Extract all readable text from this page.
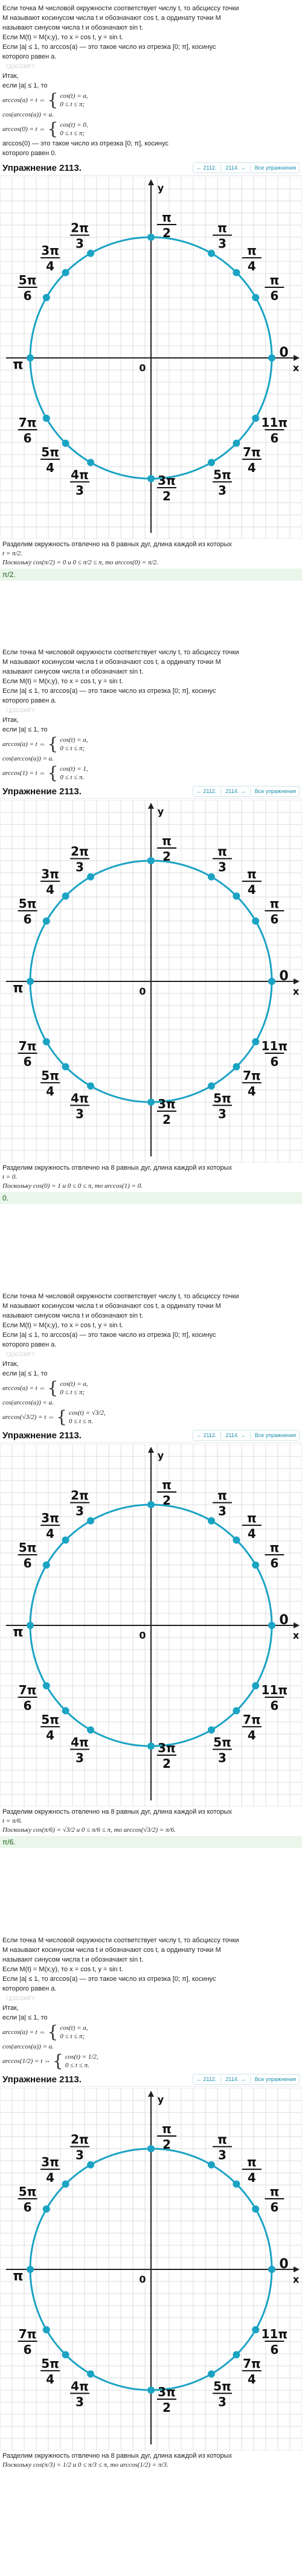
Если точка M числовой окружности соответствует числу t, то абсциссу точки
M называют косинусом числа t и обозначают cos t, а ординату точки M
называют синусом числа t и обозначают sin t.
Если M(t) = M(x;y), то x = cos t, y = sin t.
Если |a| ≤ 1, то arccos(a) — это такое число из отрезка [0; π], косинус
которого равен a.
ГДЗCOMFY
Итак,
если |a| ≤ 1, то
arccos(a) = t ⇔ { cos(t) = a,
0 ≤ t ≤ π;
cos(arccos(a)) = a.
arccos(0) = t ⇔ { cos(t) = 0,
0 ≤ t ≤ π;
arccos(0) — это такое число из отрезка [0; π], косинус
которого равен 0.
Упражнение 2113.	← 2112.	2114. →	Все упражнения
x
y
0
0
π
6
π
4
π
3
π
2
2π
3
3π
4
5π
6
π
7π
6
5π
4 4π
3
3π
2
5π
3
7π
4
11π
6
Разделим окружность отвлечно на 8 равных дуг, длина каждой из которых
t = π/2.
Поскольку cos(π/2) = 0 и 0 ≤ π/2 ≤ π, то arccos(0) = π/2.
π/2.
Если точка M числовой окружности соответствует числу t, то абсциссу точки
M называют косинусом числа t и обозначают cos t, а ординату точки M
называют синусом числа t и обозначают sin t.
Если M(t) = M(x;y), то x = cos t, y = sin t.
Если |a| ≤ 1, то arccos(a) — это такое число из отрезка [0; π], косинус
которого равен a.
ГДЗCOMFY
Итак,
если |a| ≤ 1, то
arccos(a) = t ⇔ { cos(t) = a,
0 ≤ t ≤ π;
cos(arccos(a)) = a.
arccos(1) = t ⇔ { cos(t) = 1,
0 ≤ t ≤ π.
Упражнение 2113.	← 2112.	2114. →	Все упражнения
x
y
0
0
π
6
π
4
π
3
π
2
2π
3
3π
4
5π
6
π
7π
6
5π
4 4π
3
3π
2
5π
3
7π
4
11π
6
Разделим окружность отвлечно на 8 равных дуг, длина каждой из которых
t = 0.
Поскольку cos(0) = 1 и 0 ≤ 0 ≤ π, то arccos(1) = 0.
0.
Если точка M числовой окружности соответствует числу t, то абсциссу точки
M называют косинусом числа t и обозначают cos t, а ординату точки M
называют синусом числа t и обозначают sin t.
Если M(t) = M(x;y), то x = cos t, y = sin t.
Если |a| ≤ 1, то arccos(a) — это такое число из отрезка [0; π], косинус
которого равен a.
ГДЗCOMFY
Итак,
если |a| ≤ 1, то
arccos(a) = t ⇔ { cos(t) = a,
0 ≤ t ≤ π;
cos(arccos(a)) = a.
arccos(√3/2) = t ⇔ { cos(t) = √3/2,
0 ≤ t ≤ π.
Упражнение 2113.	← 2112.	2114. →	Все упражнения
x
y
0
0
π
6
π
4
π
3
π
2
2π
3
3π
4
5π
6
π
7π
6
5π
4 4π
3
3π
2
5π
3
7π
4
11π
6
Разделим окружность отвлечно на 8 равных дуг, длина каждой из которых
t = π/6.
Поскольку cos(π/6) = √3/2 и 0 ≤ π/6 ≤ π, то arccos(√3/2) = π/6.
π/6.
Если точка M числовой окружности соответствует числу t, то абсциссу точки
M называют косинусом числа t и обозначают cos t, а ординату точки M
называют синусом числа t и обозначают sin t.
Если M(t) = M(x;y), то x = cos t, y = sin t.
Если |a| ≤ 1, то arccos(a) — это такое число из отрезка [0; π], косинус
которого равен a.
ГДЗCOMFY
Итак,
если |a| ≤ 1, то
arccos(a) = t ⇔ { cos(t) = a,
0 ≤ t ≤ π;
cos(arccos(a)) = a.
arccos(1/2) = t ⇔ { cos(t) = 1/2,
0 ≤ t ≤ π.
Упражнение 2113.	← 2112.	2114. →	Все упражнения
x
y
0
0
π
6
π
4
π
3
π
2
2π
3
3π
4
5π
6
π
7π
6
5π
4 4π
3
3π
2
5π
3
7π
4
11π
6
Разделим окружность отвлечно на 8 равных дуг, длина каждой из которых
Поскольку cos(π/3) = 1/2 и 0 ≤ π/3 ≤ π, то arccos(1/2) = π/3.
